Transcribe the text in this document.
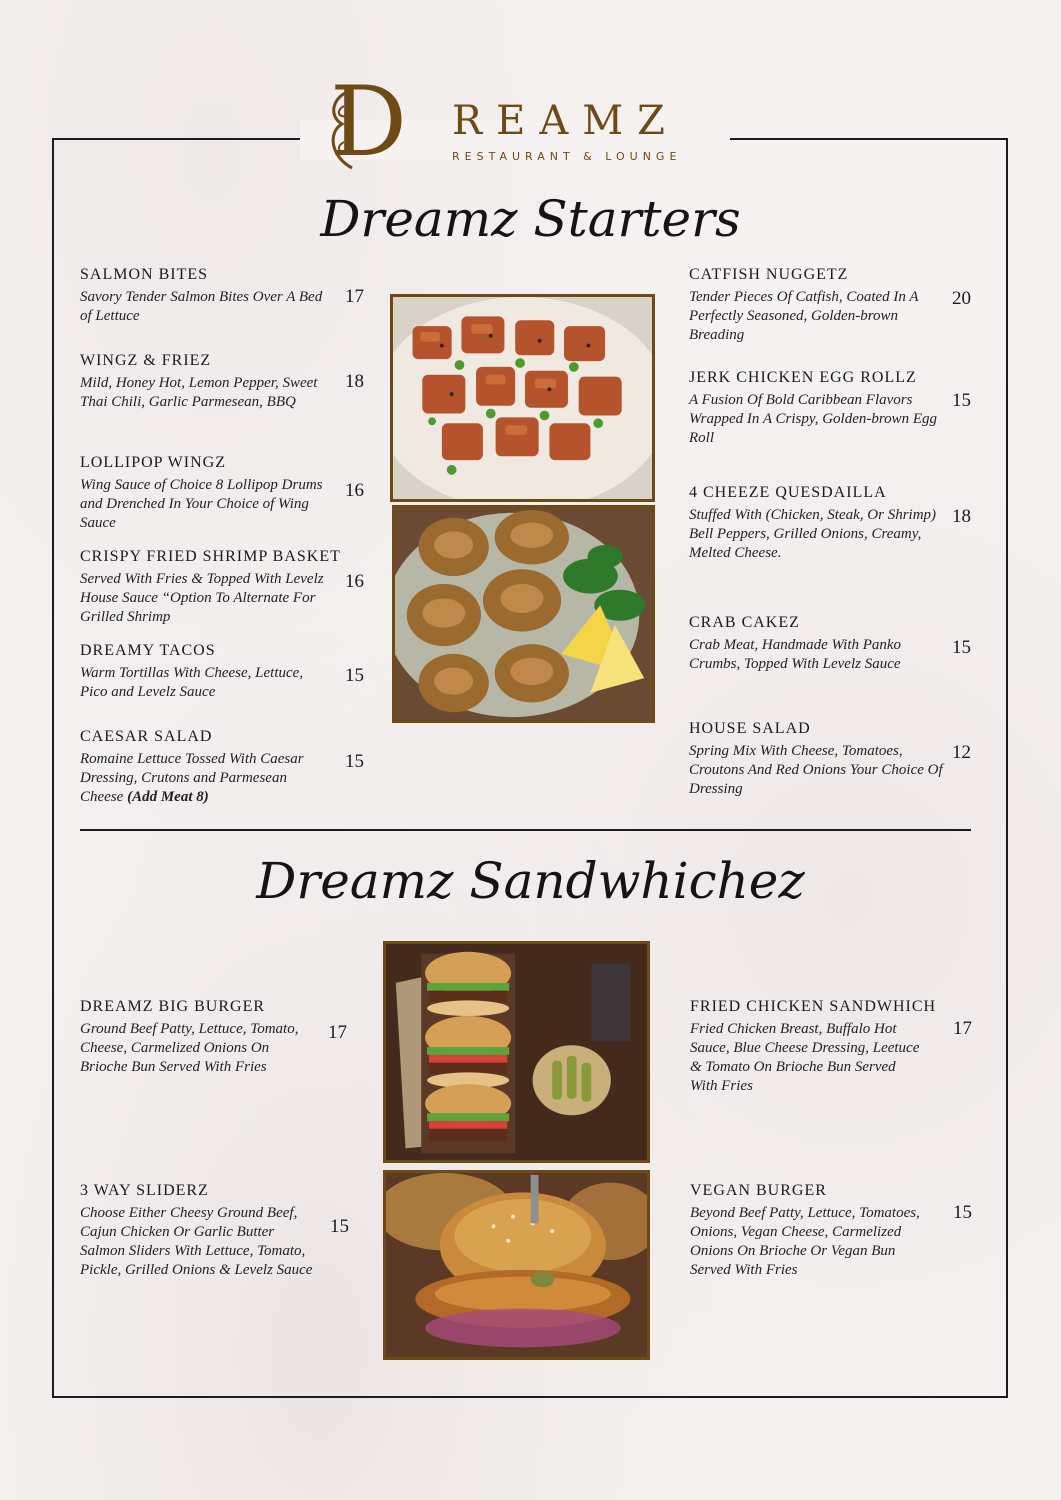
D REAMZ
RESTAURANT & LOUNGE
Dreamz Starters
SALMON BITES
Savory Tender Salmon Bites Over A Bed of Lettuce
17
WINGZ & FRIEZ
Mild, Honey Hot, Lemon Pepper, Sweet Thai Chili, Garlic Parmesean, BBQ
18
LOLLIPOP WINGZ
Wing Sauce of Choice 8 Lollipop Drums and Drenched In Your Choice of Wing Sauce
16
CRISPY FRIED SHRIMP BASKET
Served With Fries & Topped With Levelz House Sauce “Option To Alternate For Grilled Shrimp
16
DREAMY TACOS
Warm Tortillas With Cheese, Lettuce, Pico and Levelz Sauce
15
CAESAR SALAD
Romaine Lettuce Tossed With Caesar Dressing, Crutons and Parmesean Cheese (Add Meat 8)
15
CATFISH NUGGETZ
Tender Pieces Of Catfish, Coated In A Perfectly Seasoned, Golden-brown Breading
20
JERK CHICKEN EGG ROLLZ
A Fusion Of Bold Caribbean Flavors Wrapped In A Crispy, Golden-brown Egg Roll
15
4 CHEEZE QUESDAILLA
Stuffed With (Chicken, Steak, Or Shrimp) Bell Peppers, Grilled Onions, Creamy, Melted Cheese.
18
CRAB CAKEZ
Crab Meat, Handmade With Panko Crumbs, Topped With Levelz Sauce
15
HOUSE SALAD
Spring Mix With Cheese, Tomatoes, Croutons And Red Onions Your Choice Of Dressing
12
Dreamz Sandwhichez
DREAMZ BIG BURGER
Ground Beef Patty, Lettuce, Tomato, Cheese, Carmelized Onions On Brioche Bun Served With Fries
17
3 WAY SLIDERZ
Choose Either Cheesy Ground Beef, Cajun Chicken Or Garlic Butter Salmon Sliders With Lettuce, Tomato, Pickle, Grilled Onions & Levelz Sauce
15
FRIED CHICKEN SANDWHICH
Fried Chicken Breast, Buffalo Hot Sauce, Blue Cheese Dressing, Leetuce & Tomato On Brioche Bun Served With Fries
17
VEGAN BURGER
Beyond Beef Patty, Lettuce, Tomatoes, Onions, Vegan Cheese, Carmelized Onions On Brioche Or Vegan Bun Served With Fries
15
